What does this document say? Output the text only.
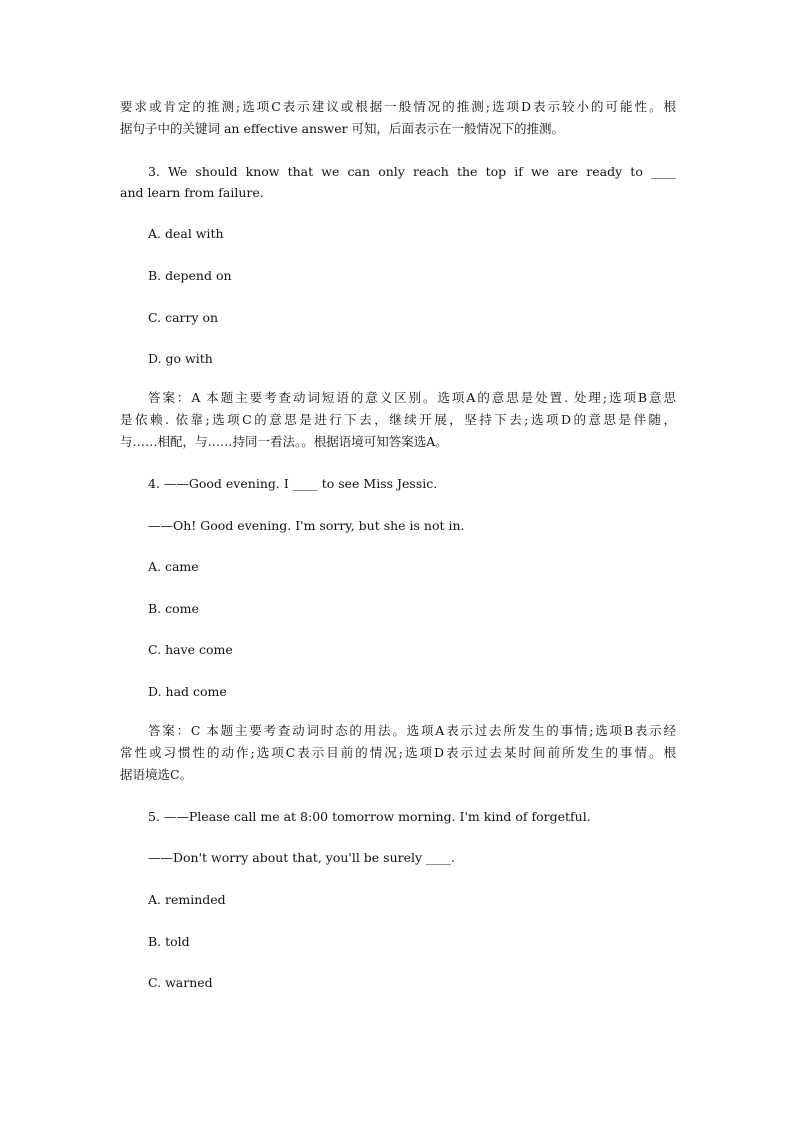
要求或肯定的推测;选项C表示建议或根据一般情况的推测;选项D表示较小的可能性。根
据句子中的关键词 an effective answer 可知，后面表示在一般情况下的推测。
3. We should know that we can only reach the top if we are ready to ____
and learn from failure.
A. deal with
B. depend on
C. carry on
D. go with
答案：A 本题主要考查动词短语的意义区别。选项A的意思是处置. 处理;选项B意思
是依赖. 依靠;选项C的意思是进行下去，继续开展，坚持下去;选项D的意思是伴随，
与……相配，与……持同一看法。。根据语境可知答案选A。
4. ——Good evening. I ____ to see Miss Jessic.
——Oh! Good evening. I'm sorry, but she is not in.
A. came
B. come
C. have come
D. had come
答案：C 本题主要考查动词时态的用法。选项A表示过去所发生的事情;选项B表示经
常性或习惯性的动作;选项C表示目前的情况;选项D表示过去某时间前所发生的事情。根
据语境选C。
5. ——Please call me at 8:00 tomorrow morning. I'm kind of forgetful.
——Don't worry about that, you'll be surely ____.
A. reminded
B. told
C. warned
